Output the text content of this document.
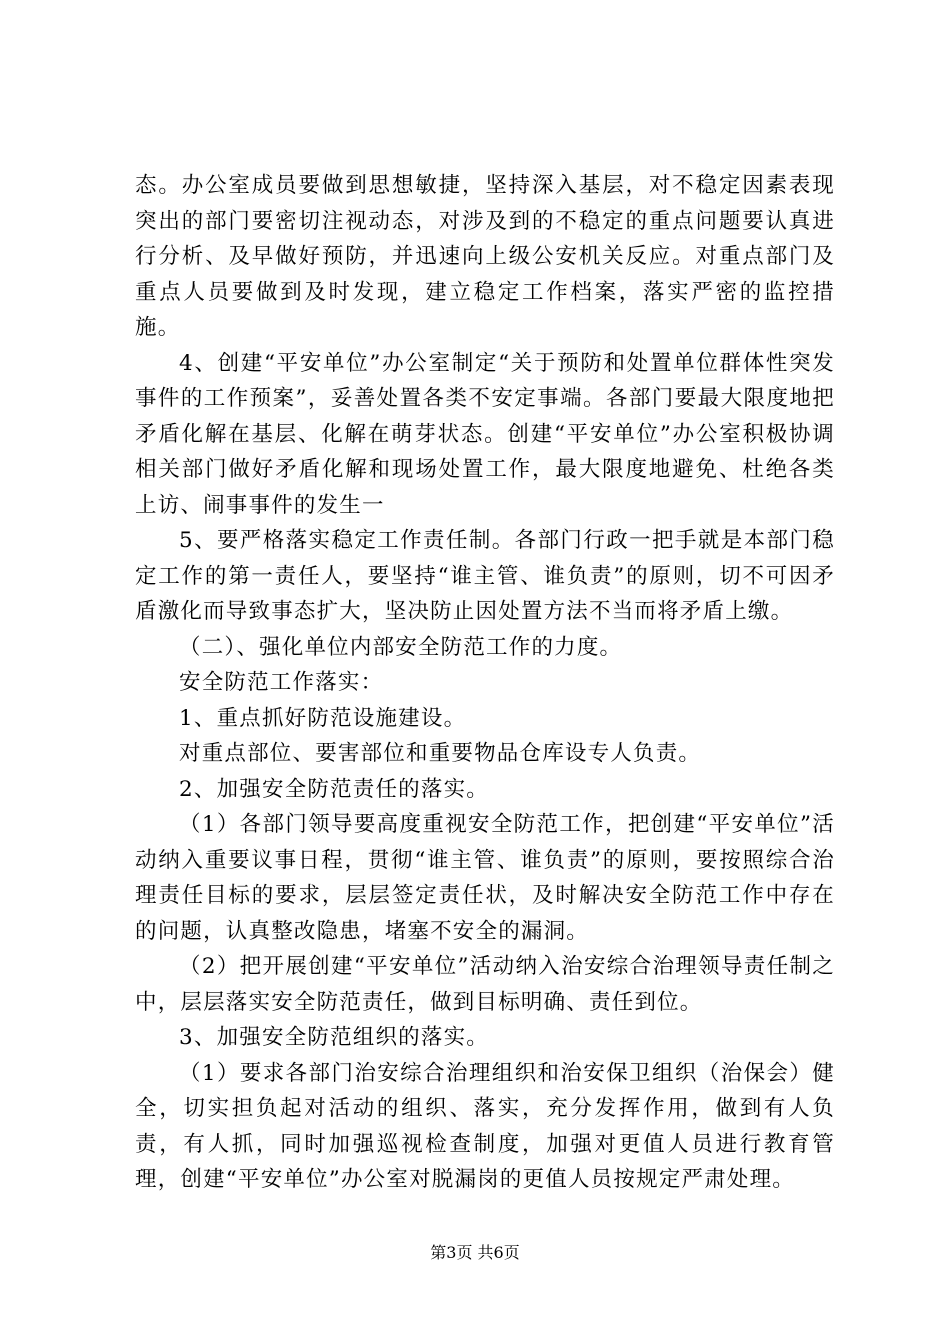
态。办公室成员要做到思想敏捷，坚持深入基层，对不稳定因素表现突出的部门要密切注视动态，对涉及到的不稳定的重点问题要认真进行分析、及早做好预防，并迅速向上级公安机关反应。对重点部门及重点人员要做到及时发现，建立稳定工作档案，落实严密的监控措施。

4、创建“平安单位”办公室制定“关于预防和处置单位群体性突发事件的工作预案”，妥善处置各类不安定事端。各部门要最大限度地把矛盾化解在基层、化解在萌芽状态。创建“平安单位”办公室积极协调相关部门做好矛盾化解和现场处置工作，最大限度地避免、杜绝各类上访、闹事事件的发生一

5、要严格落实稳定工作责任制。各部门行政一把手就是本部门稳定工作的第一责任人，要坚持“谁主管、谁负责”的原则，切不可因矛盾激化而导致事态扩大，坚决防止因处置方法不当而将矛盾上缴。

（二）、强化单位内部安全防范工作的力度。

安全防范工作落实：

1、重点抓好防范设施建设。

对重点部位、要害部位和重要物品仓库设专人负责。

2、加强安全防范责任的落实。

（1）各部门领导要高度重视安全防范工作，把创建“平安单位”活动纳入重要议事日程，贯彻“谁主管、谁负责”的原则，要按照综合治理责任目标的要求，层层签定责任状，及时解决安全防范工作中存在的问题，认真整改隐患，堵塞不安全的漏洞。

（2）把开展创建“平安单位”活动纳入治安综合治理领导责任制之中，层层落实安全防范责任，做到目标明确、责任到位。

3、加强安全防范组织的落实。

（1）要求各部门治安综合治理组织和治安保卫组织（治保会）健全，切实担负起对活动的组织、落实，充分发挥作用，做到有人负责，有人抓，同时加强巡视检查制度，加强对更值人员进行教育管理，创建“平安单位”办公室对脱漏岗的更值人员按规定严肃处理。

第3页 共6页
